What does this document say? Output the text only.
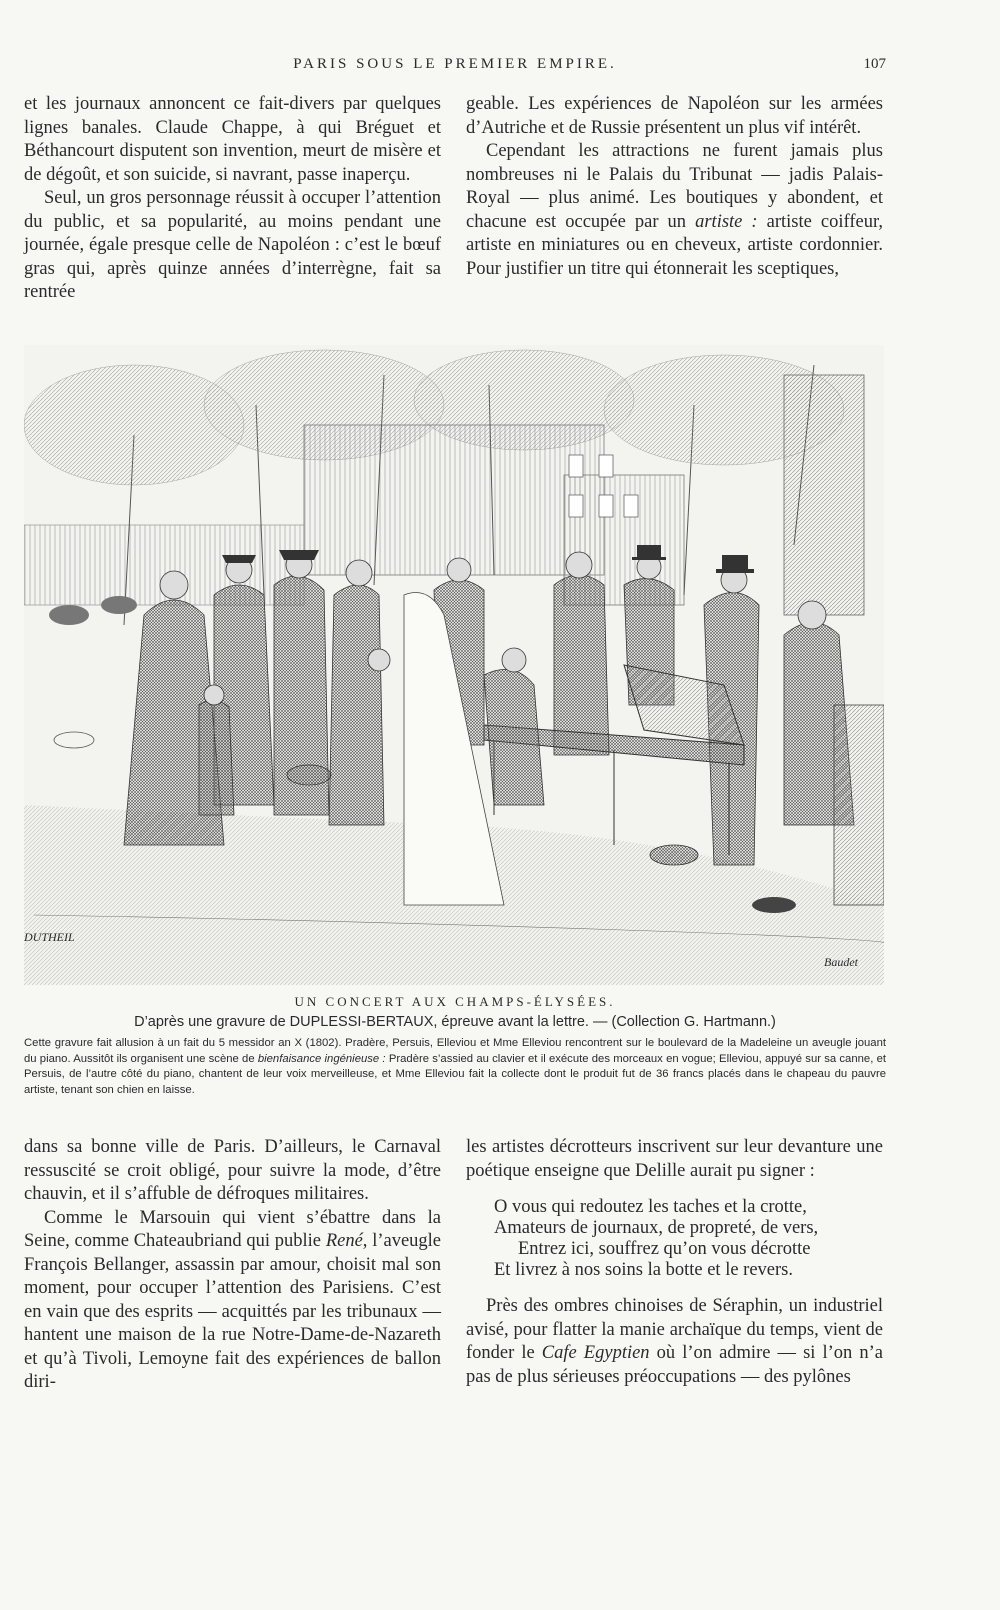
PARIS SOUS LE PREMIER EMPIRE.	107

et les journaux annoncent ce fait-divers par quelques lignes banales. Claude Chappe, à qui Bréguet et Béthancourt disputent son invention, meurt de misère et de dégoût, et son suicide, si navrant, passe inaperçu.

Seul, un gros personnage réussit à occuper l’attention du public, et sa popularité, au moins pendant une journée, égale presque celle de Napoléon : c’est le bœuf gras qui, après quinze années d’interrègne, fait sa rentrée

geable. Les expériences de Napoléon sur les armées d’Autriche et de Russie présentent un plus vif intérêt.

Cependant les attractions ne furent jamais plus nombreuses ni le Palais du Tribunat — jadis Palais-Royal — plus animé. Les boutiques y abondent, et chacune est occupée par un artiste : artiste coiffeur, artiste en miniatures ou en cheveux, artiste cordonnier. Pour justifier un titre qui étonnerait les sceptiques,

DUTHEIL
Baudet
UN CONCERT AUX CHAMPS-ÉLYSÉES.
D’après une gravure de DUPLESSI-BERTAUX, épreuve avant la lettre. — (Collection G. Hartmann.)
Cette gravure fait allusion à un fait du 5 messidor an X (1802). Pradère, Persuis, Elleviou et Mme Elleviou rencontrent sur le boulevard de la Madeleine un aveugle jouant du piano. Aussitôt ils organisent une scène de bienfaisance ingénieuse : Pradère s’assied au clavier et il exécute des morceaux en vogue; Elleviou, appuyé sur sa canne, et Persuis, de l’autre côté du piano, chantent de leur voix merveilleuse, et Mme Elleviou fait la collecte dont le produit fut de 36 francs placés dans le chapeau du pauvre artiste, tenant son chien en laisse.

dans sa bonne ville de Paris. D’ailleurs, le Carnaval ressuscité se croit obligé, pour suivre la mode, d’être chauvin, et il s’affuble de défroques militaires.

Comme le Marsouin qui vient s’ébattre dans la Seine, comme Chateaubriand qui publie René, l’aveugle François Bellanger, assassin par amour, choisit mal son moment, pour occuper l’attention des Parisiens. C’est en vain que des esprits — acquittés par les tribunaux — hantent une maison de la rue Notre-Dame-de-Nazareth et qu’à Tivoli, Lemoyne fait des expériences de ballon diri-

les artistes décrotteurs inscrivent sur leur devanture une poétique enseigne que Delille aurait pu signer :

O vous qui redoutez les taches et la crotte,
Amateurs de journaux, de propreté, de vers,
Entrez ici, souffrez qu’on vous décrotte
Et livrez à nos soins la botte et le revers.

Près des ombres chinoises de Séraphin, un industriel avisé, pour flatter la manie archaïque du temps, vient de fonder le Cafe Egyptien où l’on admire — si l’on n’a pas de plus sérieuses préoccupations — des pylônes
